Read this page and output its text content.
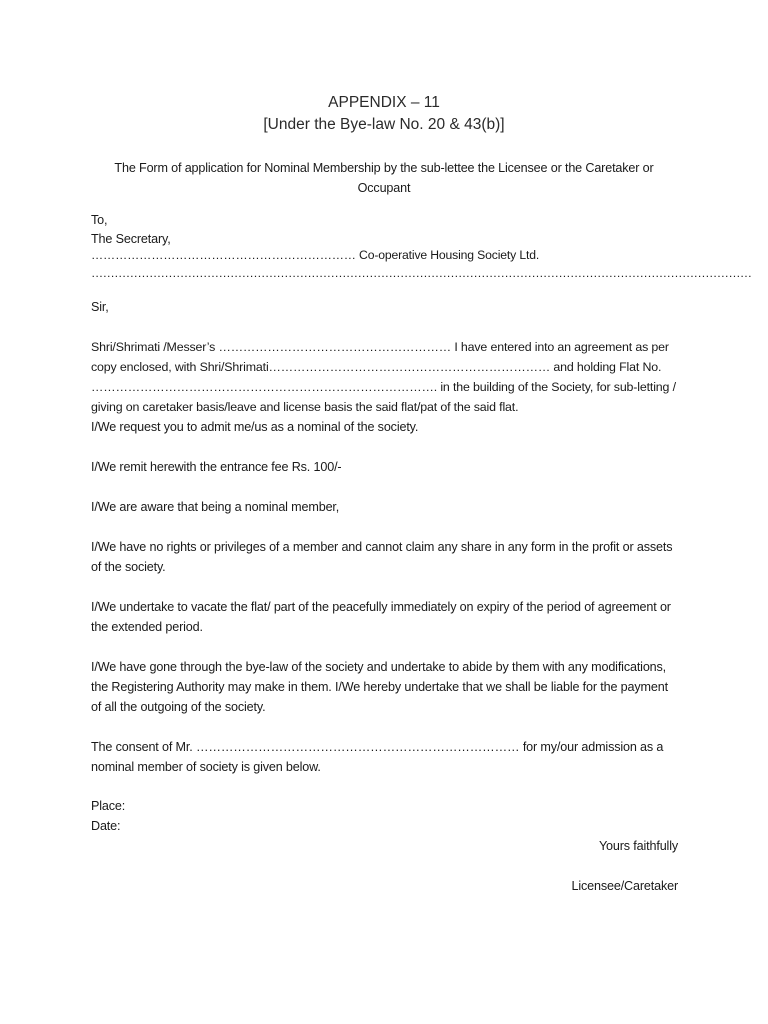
APPENDIX – 11
[Under the Bye-law No. 20 & 43(b)]
The Form of application for Nominal Membership by the sub-lettee the Licensee or the Caretaker or Occupant
To,
The Secretary,
………………………………………………………… Co-operative Housing Society Ltd.
………………………………………………………………………………………………………………………………………………………
Sir,

Shri/Shrimati /Messer’s ………………………………………………… I have entered into an agreement as per copy enclosed, with Shri/Shrimati…………………………………………………………… and holding Flat No. …………………………………………………………………………. in the building of the Society, for sub-letting / giving on caretaker basis/leave and license basis the said flat/pat of the said flat.

I/We request you to admit me/us as a nominal of the society.

I/We remit herewith the entrance fee Rs. 100/-

I/We are aware that being a nominal member,

I/We have no rights or privileges of a member and cannot claim any share in any form in the profit or assets of the society.

I/We undertake to vacate the flat/ part of the peacefully immediately on expiry of the period of agreement or the extended period.

I/We have gone through the bye-law of the society and undertake to abide by them with any modifications, the Registering Authority may make in them. I/We hereby undertake that we shall be liable for the payment of all the outgoing of the society.

The consent of Mr. …………………………………………………………………… for my/our admission as a nominal member of society is given below.

Place:
Date:
Yours faithfully
Licensee/Caretaker
